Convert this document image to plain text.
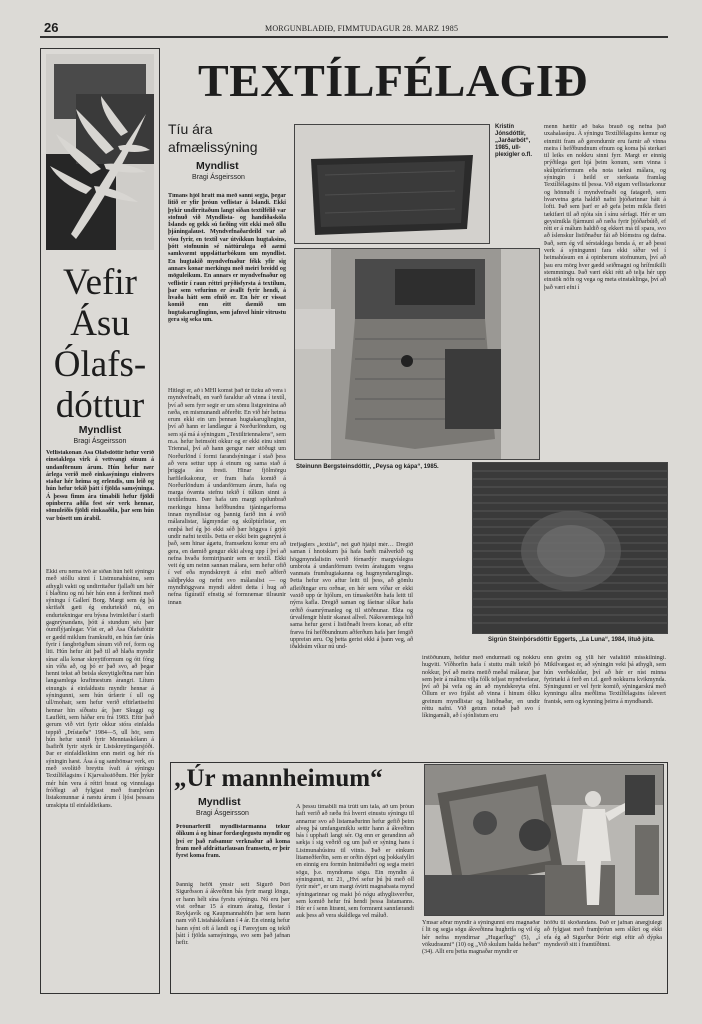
26	MORGUNBLAÐIÐ, FIMMTUDAGUR 28. MARZ 1985
Vefir
Ásu
Ólafs-
dóttur
Myndlist
Bragi Ásgeirsson
Veflistakonan Ása Ólafsdóttir hefur verið einstaklega virk á vettvangi sínum á undanförnum árum. Hún hefur nær árlega verið með einkasýningu einhvers staðar hér heima og erlendis, um leið og hún hefur tekið þátt í fjölda samsýninga. Á þessu fimm ára tímabili hefur fjöldi opinberra aðila fest sér verk hennar, sömuleiðis fjöldi einkaaðila, þar sem hún var búsett um árabil.
Ekki eru nema tvö ár síðan hún hélt sýningu með stóllu sinni í Listmunahúsinu, sem athygli vakti og undirritaður fjallaði um hér í blaðinu og nú hér hún enn á ferðinni með sýningu í Gallerí Borg. Margt sem ég þá skrifaði gæti ég endurtekið nú, en endurtekningar eru býsna hvimleiðar í starfi gagnrýnandans, þótt á stundum séu þær óumflýjanlegar. Víst er, að Ása Ólafsdóttir er gædd miklum framkrafti, en hún fær úrás fyrir í fangbrögðum sínum við ref, form og liti. Hún hefur átt það til að hlaða myndir sínar alla konar skreytiformum og ótt fóng sín víða að, og þó er það svo, að þegar henni tekst að beisla skreytigleðina nær hún langsamlega kraftmestum árangri. Lítum einungis á einfaldustu myndir hennar á sýningunni, sem hún úrfærir í ull og ull/mohair, sem hefur verið eftirlætisefni hennar hin síðustu ár, þær Skuggi og Lauflétt, sem háðar eru frá 1983. Eftir það gerum við virt fyrir okkur stóra einfalda teppið „Þrístæða“ 1984—5, ull hör, sem hún hefur unnið fyrir Menntaskólann á Ísafirði fyrir styrk úr Listskreytingarsjóði. Þar er einfaldleikinn enn meiri og hér rís sýningin hæst. Ása á ug sambönsar verk, en með svolítið breyttu ívafi á sýningu Textílfélagsins í Kjarvalsstöðum. Hér þykir mér hún vera á réttri braut og vinnulaga fróðlegt að fylgjast með framþróun listakonunnar á næstu árum í ljósi þessara umskipta til einfaldleikans.
TEXTÍLFÉLAGIÐ
Tíu ára
afmælissýning
Myndlist
Bragi Ásgeirsson
Tímans hjól hratt má með sanni segja, þegar litið er yfir þróun veflistar á Íslandi. Ekki þykir undirritaðum langt síðan textílfélið var stofnuð við Myndlista- og handíðaskóla Íslands og gekk sú fæðing vitt ekki með öllu þjáningalaust. Myndvefnaðardeild var að vísu fyrir, en textíl var útvíkkun hugtaksins, þótt stofnunin sé náttúrulega eð aæmi samkvæmt uppsláttarbókum um myndlist. En hugtakið myndvefnaður fékk yfir sig annars konar merkingu með meiri breidd og möguleikum. En annars er myndvefnaður og veflistir í raun réttri prýðisfyrsta á textílum, þar sem vefurinn er ávallt fyrir hendi, á hvaða hátt sem efnið er. En hér er vissat komið enn eitt dæmið um hugtakaruglinginn, sem jafnvel hinir vitrustu gera sig seka um.
Hitlegt er, að í MHÍ komst það úr tízku að vera í myndvefnaði, en varð faraldur að vinna í textíl, því að sem fyrr segir er um sömu listgreinina að ræða, en mismunandi aðferðir. En við hér heima erum ekki ein um þennan hugtakaruglinginn, því að hann er landlægur á Norðurlöndum, og sem sjá má á sýningum „Textiltriennalens“, sem m.a. hefur heimsótt okkur og er ekki einu sinni Triennal, því að hann gengur nær stöðugt um Norðurlönd í formi farandsýningar í stað þess að vera settur upp á einum og sama stað á þriggja ára fresti. Hinar fjölmörgu hæfileikakonur, er fram hafa komið á Norðurlöndum á undanförnum árum, hafa og marga óvænta stefnu tekið í túlkun sinni á textílefnum. Þær hafa um margt spilunbrað merkingu hinna hefðbundnu tjáningarforma innan myndlistar og þannig farið inn á svið málaralistar, lágmyndar og skúlptúrlistar, en ennþá hef ég þó ekki séð þær höggva í grjót undir nafni textíls. Þetta er ekki bein gagnrýni á það, sem hinar ágætu, framsæknu konur eru að gera, en dæmið gengur ekki alveg upp í því að nefna hvaða formirtjnanir sem er textíl. Ekki veit ég um neinn sannan málara, sem hefur ofið í vef eða myndskreytt á efni með aðferð sáldþrykks og nefnt svo málaralist — og myndhöggvara myndi aldrei detta í hug að nefna fígúratíf efnstig sé formræmar tilraunir innan
trefjaglers „textíla“, nei guð hjálpi mér… Dregið saman í hnotskurn þá hafa bæði málverkið og höggmyndalistin verið fórnardýr margvíslegra umbrota á undanförnum tveim áratugum vegna vanmats frumhugtakanna og hugmyndaruglings. Þetta hefur svo aftur leitt til þess, að gömlu afleiðingar eru orðnar, en hér sem víðar er ekki vaxið upp úr hjólum, en tímaskeiðin hafa leitt til nýrra kafla. Dregið saman og fáeinar slíkar hafa orðið ósamrýmanleg og til stöðnunar. Ekta og úrvalfengir hlutir skarast allvel. Náksvæmiega hið sama hefur gerst í listiðnaði hvers konar, að eftir fræva frá hefðbundnum aðferðum hafa þær fengið uppreisn æru. Og þetta gerist ekki á þann veg, að iðaldsúm víkur nú und-
irstöðunum, heldur með endurmati og nokkru hugviti. Víðhorfin hafa í stuttu máli tekið þó nokkur, því að meira metið meðal málarar, þar sem þeir á málinu vilja fólk teljast myndvefarar, því að þá vefa og án að myndskreyta efni. Öllum er svo frjálst að vinna í hinum ólíku greinum myndlistar og listiðnaðar, en undir réttu nafni. Við getum notað það svo í líkingamáli, að í sjónlistum eru
menn hættir að baka brauð og nefna það uxahalasúpu. Á sýningu Textílfélagsins kemur og einmitt fram að gerendurnir eru farnir að vinna meira í hefðbundnum efnum og koma þá sterkari til leiks en nokkru sinni fyrr. Margt er einnig prýðilega gert hjá þeim konum, sem vinna í skúlptúrformum eða nota tækni málara, og sýningin í heild er sterkasta framlag Textílfélagsins til þessa. Við eigum veflistarkonur og hönnuði í myndvefnaði og fatagerð, sem hvarvetna geta haldið nafni þjóðarinnar hátt á lofti. Það sem þarf er að gefa þeim mikla fleiri tækifæri til að njóta sín í sínu sérfagi. Hér er um geysimikla fjármuni að ræða fyrir þjóðarbúið, ef rétt er á málum haldið og ekkert má til spara, svo að íslenskur listiðnaður fái að blómstra og dafna. Það, sem ég vil sérstaklega benda á, er að þessi verk á sýningunni fara ekki síður vel í heimahúsum en á opinberum stofnunum, því að þau eru mörg hver gædd seiðmagni og hrífmikilli stemmningu. Það væri ekki rétt að telja hér upp einstök nöfn og vega og meta einstaklinga, því að það væri efni í
enn greim og ylli hér vafalítið misskilningi. Mikilvægast er, að sýningin veki þá athygli, sem hún verðskuldar, því að hér er níst minna fyrirtæki á ferð en t.d. gerð nokkurra kvikmynda. Sýningunni er vel fyrir komið, sýningarskrá með kynningu allra meðlima Textílfélagsins íslevert frantsk, sem og kynning þeirra á myndbandi.
Kristín Jónsdóttir, „Jarðarbót“, 1985, ull-plexigler o.fl.
Steinunn Bergsteinsdóttir, „Peysa og kápa“, 1985.
Sigrún Steinþórsdóttir Eggerts, „La Luna“, 1984, lituð júta.
„Úr mannheimum“
Myndlist
Bragi Ásgeirsson
Þróunarferill myndlistarmanna tekur ólíkum á og hinar fordæqlegustu myndir og því er það rafsamur verknaður að koma fram með afdráttarlausan framsetn, er þeir fyrst koma fram.
Þannig hefði ýmsir sett Sigurð Þóri Sigurðsson á ákveðinn bás fyrir margt löngu, er hann hélt sína fyrstu sýningu. Nú eru þær vist orðnar 15 á einum áratug, flestar í Reykjavík og Kaupmannahöfn þar sem hann nam við Listaháskólann í 4 ár. En einnig hefur hann sýnt oft á landi og í Færeyjum og tekið þátt í fjölda samsýninga, svo sem það jafnan hefir.
Á þessu tímabili má trútt um tala, að um þróun hafi verið að ræða frá hverri einustu sýningu til annarrar svo að listamaðurinn hefur gefið þeim alveg þá umfangsmiklu settir hann á ákveðinn bás í upphafi langt sér. Og enn er gerandinn að sækja í sig veðrið og um það er sýning hans í Listmunahúsinu til vitnis. Það er einkum litameðferðin, sem er orðin dýpri og þokkafyllri en einnig eru formin hnitmiðaðri og segja meiri sögu, þ.e. myndræna sögu. Ein myndin á sýningunni, nr. 21, „Hví sefur þú þú með oll fyrir mér“, er um margt óvirtt magnabasta mynd sýningarinnar og maki þó nógu athyglisverður, sem komið hefur frá hendi þessa listamanns. Hér er í senn litrænt, sem formrænt sannfærandi auk þess að vera skáldlega vel máluð.
Ýmsar aðrar myndir á sýningunni eru magnaðar í lit og segja sögu ákveðinna hughrifa og vil ég hér nefna myndirnar „Hugarflug“ (5), „í vökudraumi“ (10) og „Við skulum halda heðan“ (34). Allt eru þetta magnaðar myndir er
hófðu til skoðandans. Það er jafnan ánægjulegt að fylgjast með framþróun sem slíkri og ekki efa ég að Sigurður Þórir eigi eftir að dýpka myndsvið sitt í framtíðinni.
